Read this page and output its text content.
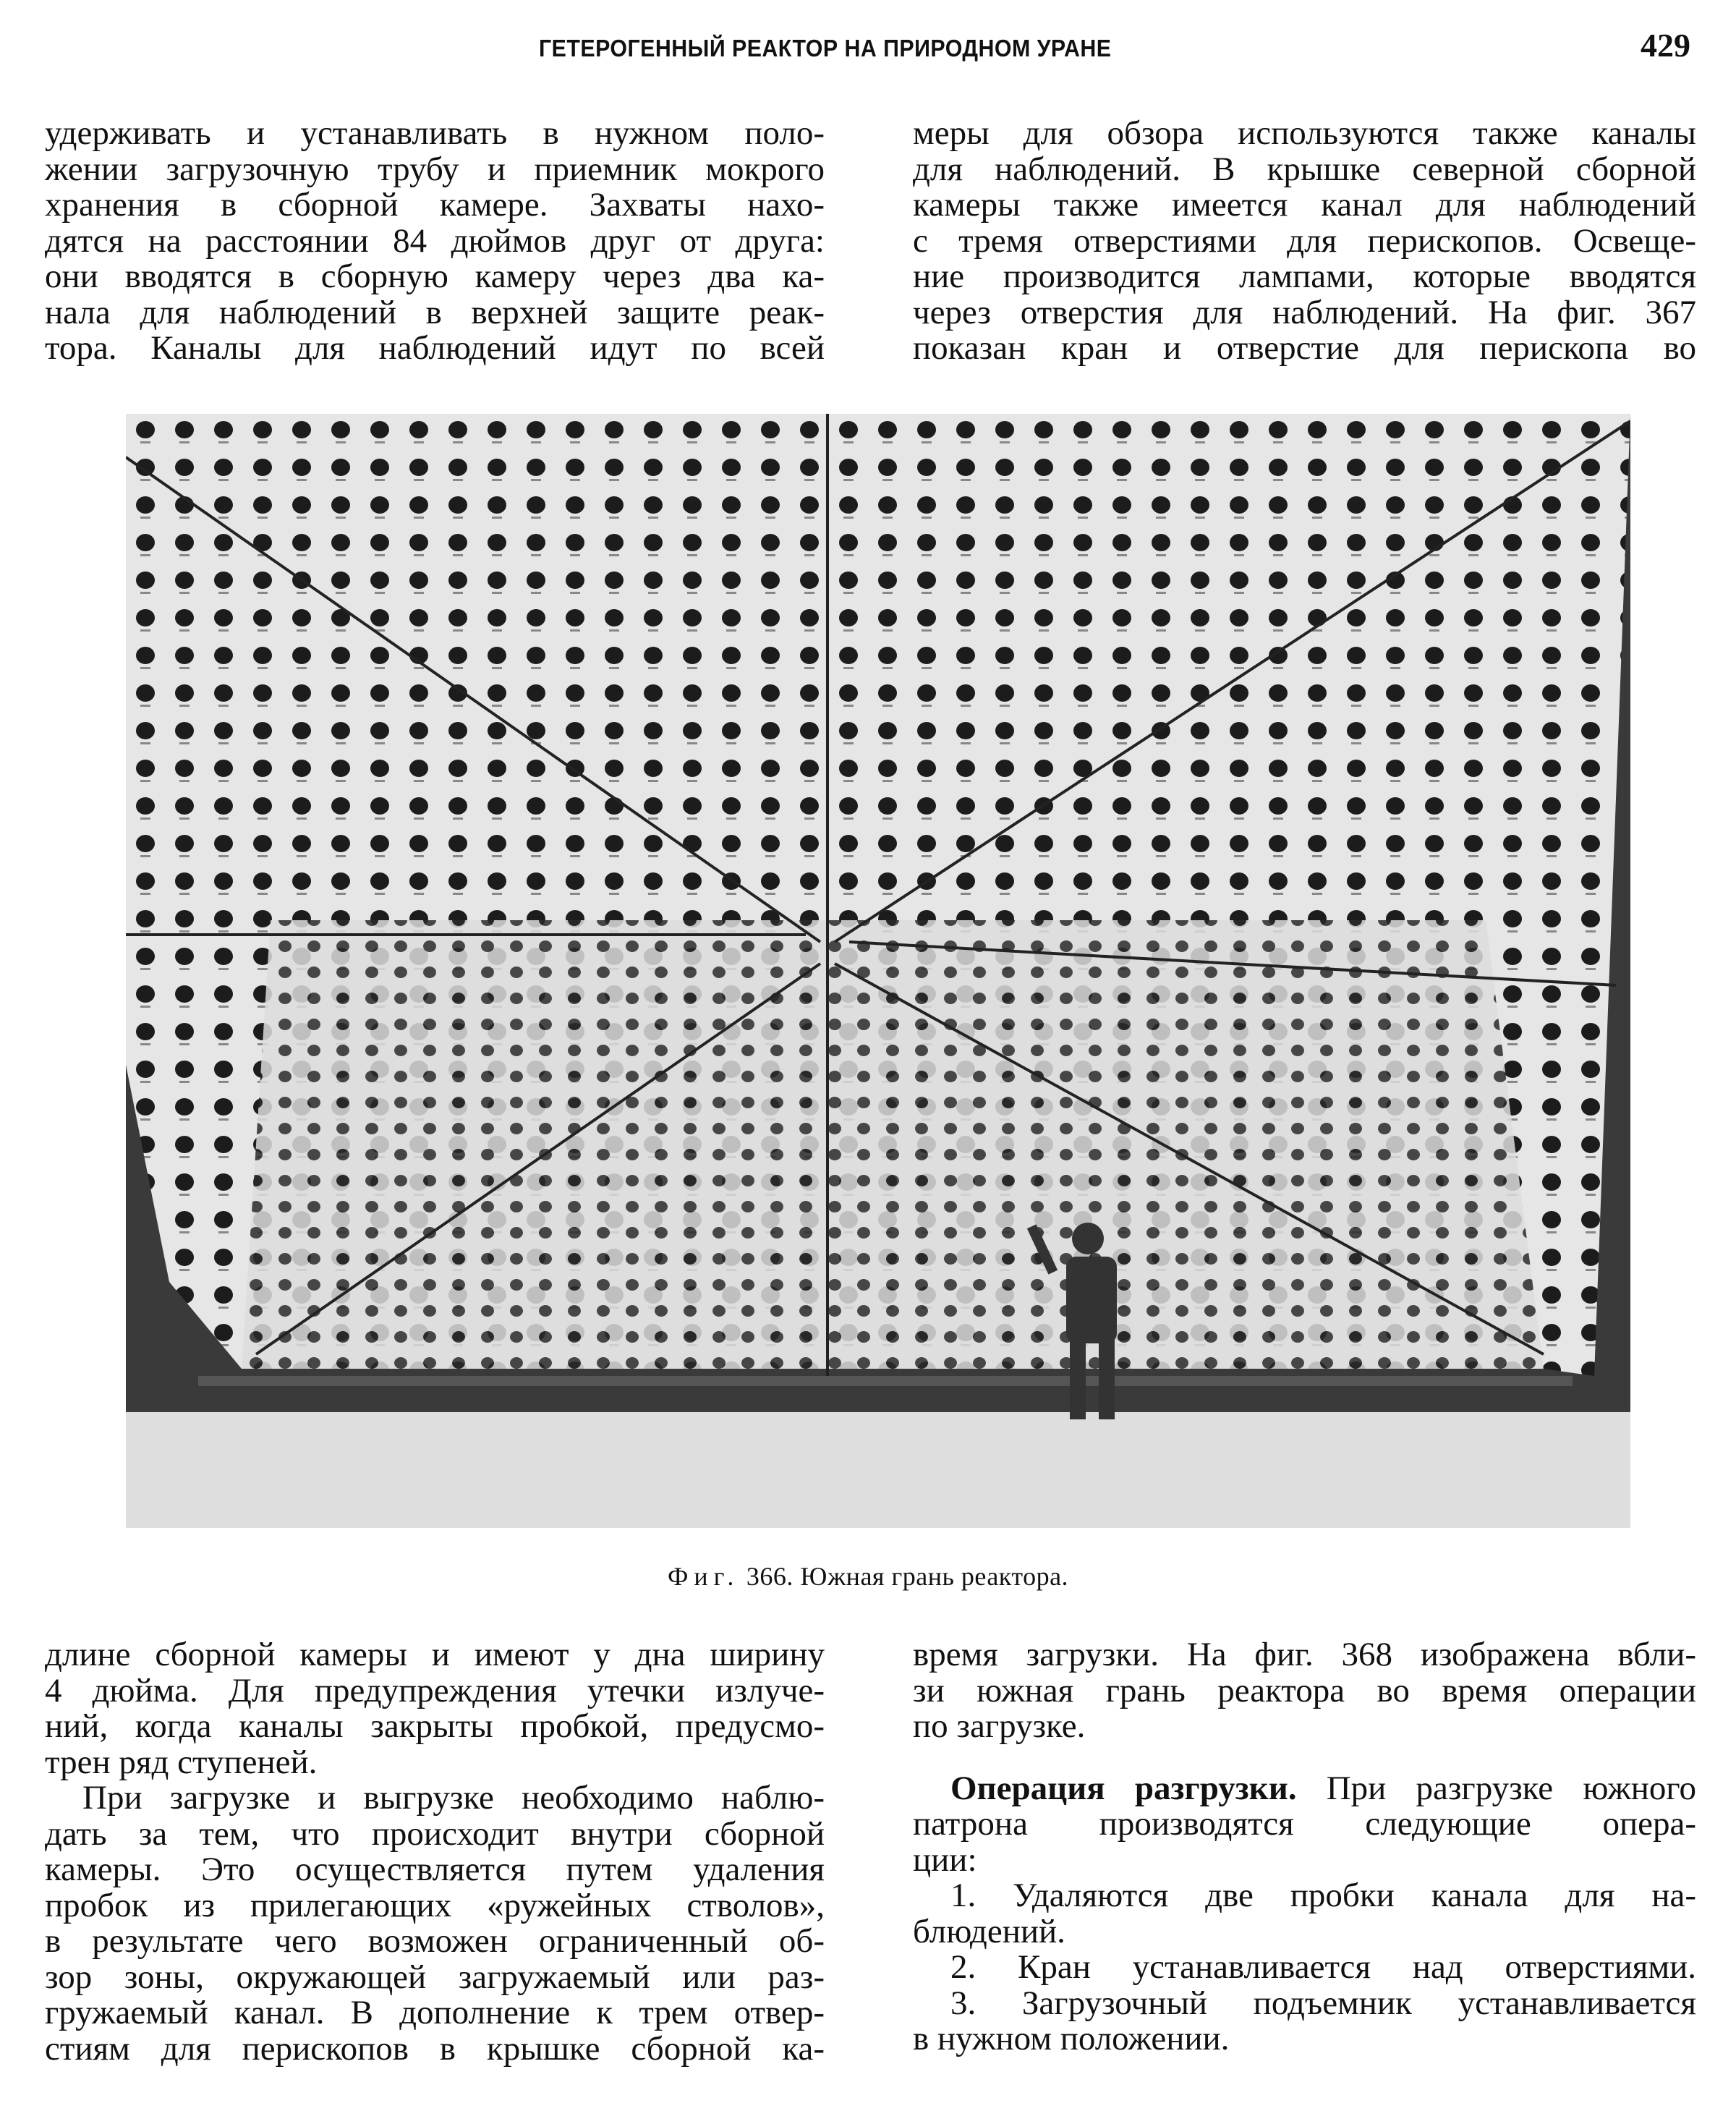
ГЕТЕРОГЕННЫЙ РЕАКТОР НА ПРИРОДНОМ УРАНЕ	429
удерживать и устанавливать в нужном поло-
жении загрузочную трубу и приемник мокрого
хранения в сборной камере. Захваты нахо-
дятся на расстоянии 84 дюймов друг от друга:
они вводятся в сборную камеру через два ка-
нала для наблюдений в верхней защите реак-
тора. Каналы для наблюдений идут по всей
меры для обзора используются также каналы
для наблюдений. В крышке северной сборной
камеры также имеется канал для наблюдений
с тремя отверстиями для перископов. Освеще-
ние производится лампами, которые вводятся
через отверстия для наблюдений. На фиг. 367
показан кран и отверстие для перископа во
Фиг. 366. Южная грань реактора.
длине сборной камеры и имеют у дна ширину
4 дюйма. Для предупреждения утечки излуче-
ний, когда каналы закрыты пробкой, предусмо-
трен ряд ступеней.
При загрузке и выгрузке необходимо наблю-
дать за тем, что происходит внутри сборной
камеры. Это осуществляется путем удаления
пробок из прилегающих «ружейных стволов»,
в результате чего возможен ограниченный об-
зор зоны, окружающей загружаемый или раз-
гружаемый канал. В дополнение к трем отвер-
стиям для перископов в крышке сборной ка-
время загрузки. На фиг. 368 изображена вбли-
зи южная грань реактора во время операции
по загрузке.
Операция разгрузки. При разгрузке южного
патрона производятся следующие опера-
ции:
1. Удаляются две пробки канала для на-
блюдений.
2. Кран устанавливается над отверстиями.
3. Загрузочный подъемник устанавливается
в нужном положении.
